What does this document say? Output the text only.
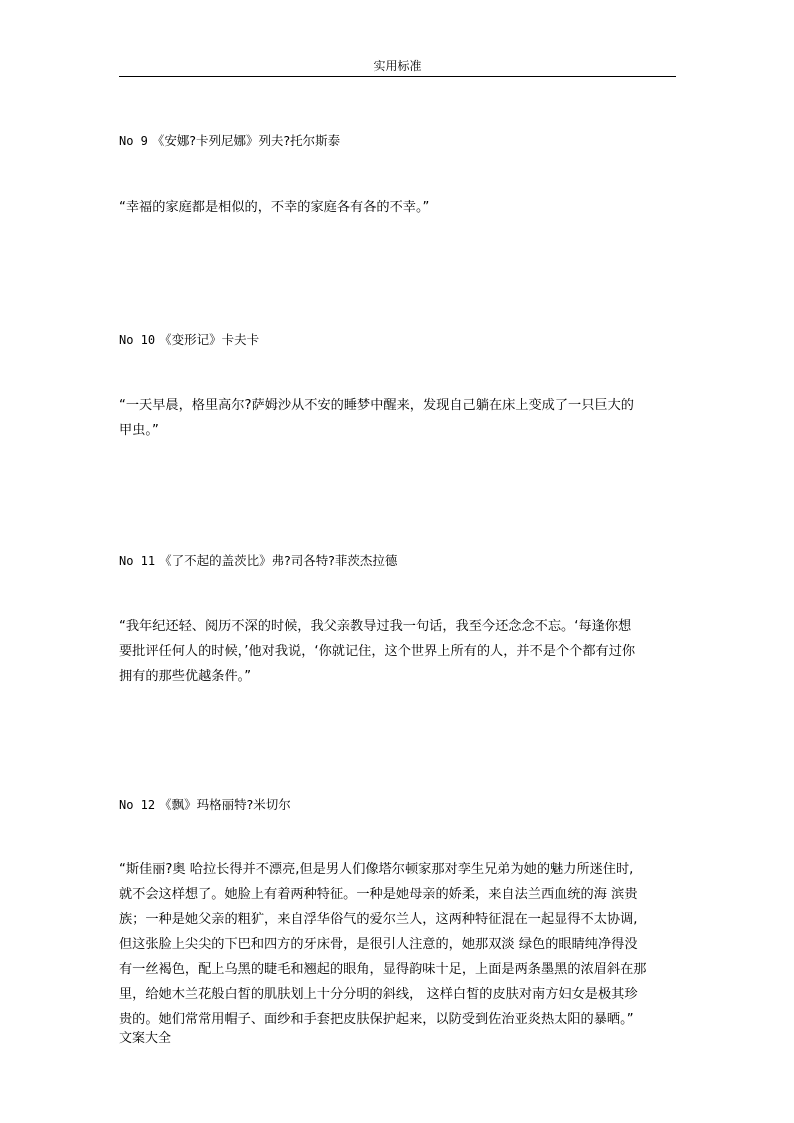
实用标准
No 9 《安娜?卡列尼娜》列夫?托尔斯泰
“幸福的家庭都是相似的，不幸的家庭各有各的不幸。”
No 10 《变形记》卡夫卡
“一天早晨，格里高尔?萨姆沙从不安的睡梦中醒来，发现自己躺在床上变成了一只巨大的
甲虫。”
No 11 《了不起的盖茨比》弗?司各特?菲茨杰拉德
“我年纪还轻、阅历不深的时候，我父亲教导过我一句话，我至今还念念不忘。‘每逢你想
要批评任何人的时候，’他对我说，‘你就记住，这个世界上所有的人，并不是个个都有过你
拥有的那些优越条件。”
No 12 《飘》玛格丽特?米切尔
“斯佳丽?奥 哈拉长得并不漂亮,但是男人们像塔尔顿家那对孪生兄弟为她的魅力所迷住时,
就不会这样想了。她脸上有着两种特征。一种是她母亲的娇柔，来自法兰西血统的海 滨贵
族；一种是她父亲的粗犷，来自浮华俗气的爱尔兰人，这两种特征混在一起显得不太协调,
但这张脸上尖尖的下巴和四方的牙床骨，是很引人注意的，她那双淡 绿色的眼睛纯净得没
有一丝褐色，配上乌黑的睫毛和翘起的眼角，显得韵味十足，上面是两条墨黑的浓眉斜在那
里，给她木兰花般白皙的肌肤划上十分分明的斜线， 这样白皙的皮肤对南方妇女是极其珍
贵的。她们常常用帽子、面纱和手套把皮肤保护起来，以防受到佐治亚炎热太阳的暴晒。”
文案大全
